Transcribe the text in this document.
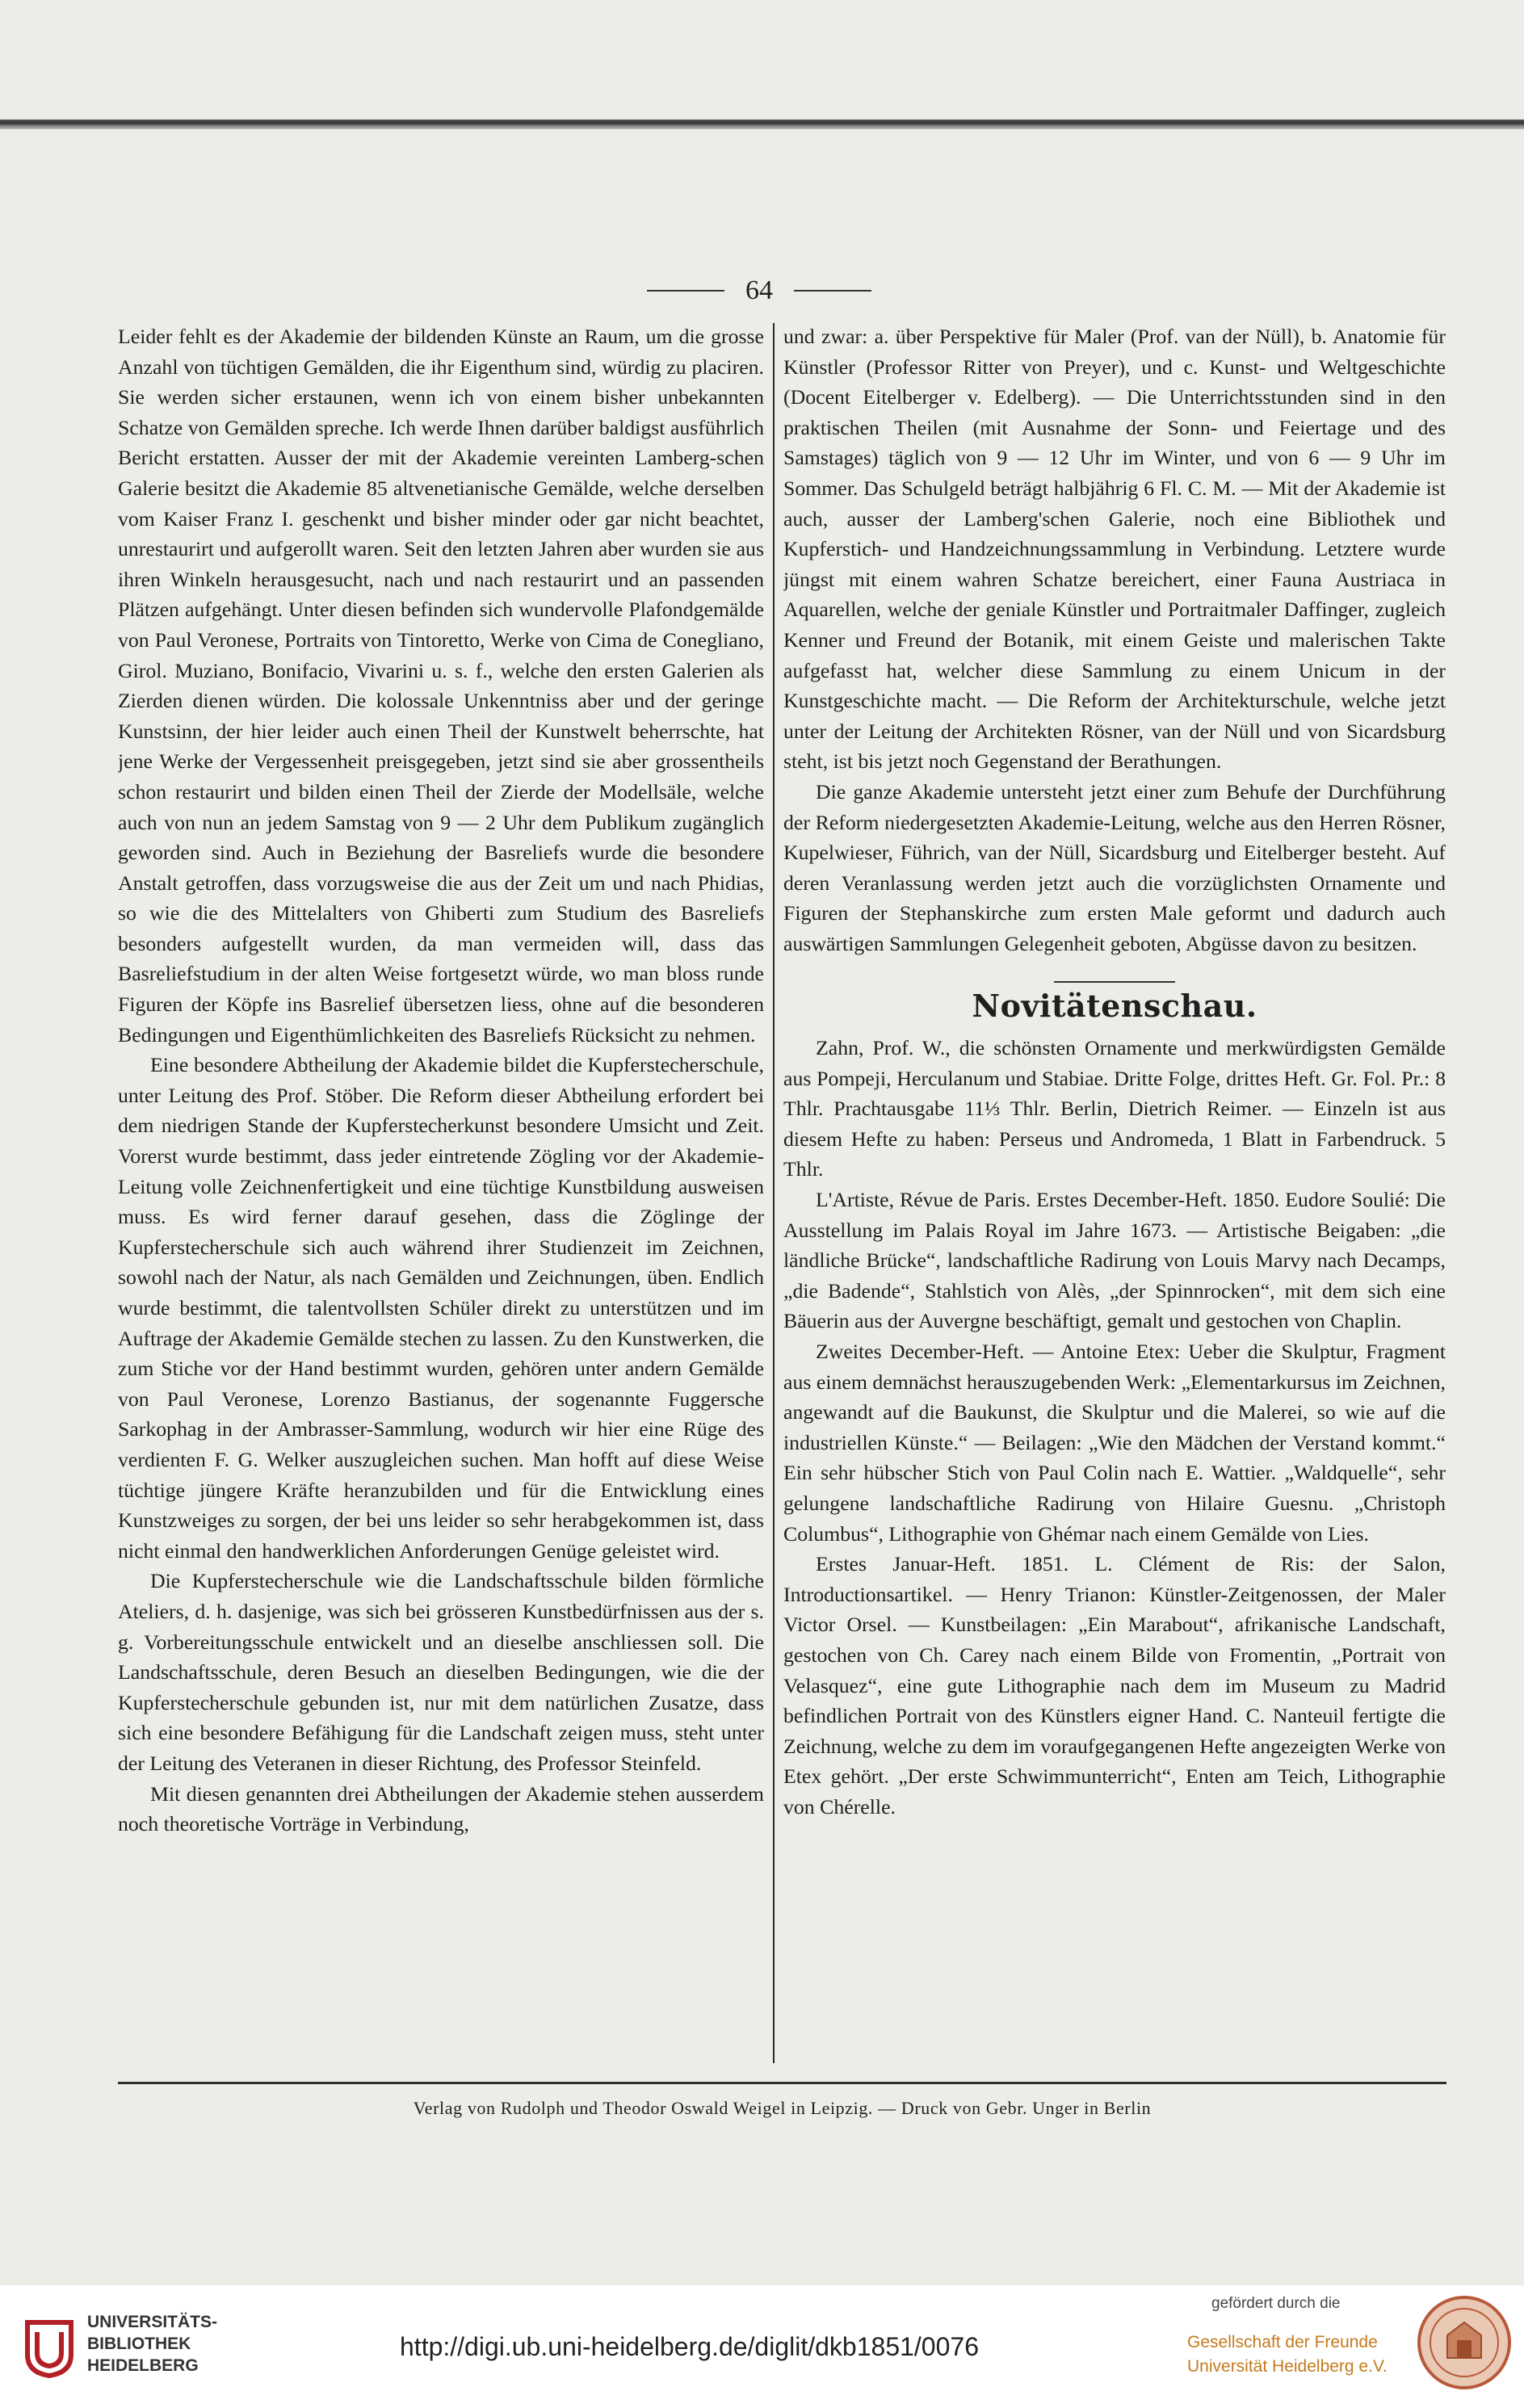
64

Leider fehlt es der Akademie der bildenden Künste an Raum, um die grosse Anzahl von tüchtigen Gemälden, die ihr Eigenthum sind, würdig zu placiren. Sie werden sicher erstaunen, wenn ich von einem bisher unbekannten Schatze von Gemälden spreche. Ich werde Ihnen darüber baldigst ausführlich Bericht erstatten. Ausser der mit der Akademie vereinten Lamberg-schen Galerie besitzt die Akademie 85 altvenetianische Gemälde, welche derselben vom Kaiser Franz I. geschenkt und bisher minder oder gar nicht beachtet, unrestaurirt und aufgerollt waren. Seit den letzten Jahren aber wurden sie aus ihren Winkeln herausgesucht, nach und nach restaurirt und an passenden Plätzen aufgehängt. Unter diesen befinden sich wundervolle Plafondgemälde von Paul Veronese, Portraits von Tintoretto, Werke von Cima de Conegliano, Girol. Muziano, Bonifacio, Vivarini u. s. f., welche den ersten Galerien als Zierden dienen würden. Die kolossale Unkenntniss aber und der geringe Kunstsinn, der hier leider auch einen Theil der Kunstwelt beherrschte, hat jene Werke der Vergessenheit preisgegeben, jetzt sind sie aber grossentheils schon restaurirt und bilden einen Theil der Zierde der Modellsäle, welche auch von nun an jedem Samstag von 9 — 2 Uhr dem Publikum zugänglich geworden sind. Auch in Beziehung der Basreliefs wurde die besondere Anstalt getroffen, dass vorzugsweise die aus der Zeit um und nach Phidias, so wie die des Mittelalters von Ghiberti zum Studium des Basreliefs besonders aufgestellt wurden, da man vermeiden will, dass das Basreliefstudium in der alten Weise fortgesetzt würde, wo man bloss runde Figuren der Köpfe ins Basrelief übersetzen liess, ohne auf die besonderen Bedingungen und Eigenthümlichkeiten des Basreliefs Rücksicht zu nehmen.

Eine besondere Abtheilung der Akademie bildet die Kupferstecherschule, unter Leitung des Prof. Stöber. Die Reform dieser Abtheilung erfordert bei dem niedrigen Stande der Kupferstecherkunst besondere Umsicht und Zeit. Vorerst wurde bestimmt, dass jeder eintretende Zögling vor der Akademie-Leitung volle Zeichnenfertigkeit und eine tüchtige Kunstbildung ausweisen muss. Es wird ferner darauf gesehen, dass die Zöglinge der Kupferstecherschule sich auch während ihrer Studienzeit im Zeichnen, sowohl nach der Natur, als nach Gemälden und Zeichnungen, üben. Endlich wurde bestimmt, die talentvollsten Schüler direkt zu unterstützen und im Auftrage der Akademie Gemälde stechen zu lassen. Zu den Kunstwerken, die zum Stiche vor der Hand bestimmt wurden, gehören unter andern Gemälde von Paul Veronese, Lorenzo Bastianus, der sogenannte Fuggersche Sarkophag in der Ambrasser-Sammlung, wodurch wir hier eine Rüge des verdienten F. G. Welker auszugleichen suchen. Man hofft auf diese Weise tüchtige jüngere Kräfte heranzubilden und für die Entwicklung eines Kunstzweiges zu sorgen, der bei uns leider so sehr herabgekommen ist, dass nicht einmal den handwerklichen Anforderungen Genüge geleistet wird.

Die Kupferstecherschule wie die Landschaftsschule bilden förmliche Ateliers, d. h. dasjenige, was sich bei grösseren Kunstbedürfnissen aus der s. g. Vorbereitungsschule entwickelt und an dieselbe anschliessen soll. Die Landschaftsschule, deren Besuch an dieselben Bedingungen, wie die der Kupferstecherschule gebunden ist, nur mit dem natürlichen Zusatze, dass sich eine besondere Befähigung für die Landschaft zeigen muss, steht unter der Leitung des Veteranen in dieser Richtung, des Professor Steinfeld.

Mit diesen genannten drei Abtheilungen der Akademie stehen ausserdem noch theoretische Vorträge in Verbindung,

und zwar: a. über Perspektive für Maler (Prof. van der Nüll), b. Anatomie für Künstler (Professor Ritter von Preyer), und c. Kunst- und Weltgeschichte (Docent Eitelberger v. Edelberg). — Die Unterrichtsstunden sind in den praktischen Theilen (mit Ausnahme der Sonn- und Feiertage und des Samstages) täglich von 9 — 12 Uhr im Winter, und von 6 — 9 Uhr im Sommer. Das Schulgeld beträgt halbjährig 6 Fl. C. M. — Mit der Akademie ist auch, ausser der Lamberg'schen Galerie, noch eine Bibliothek und Kupferstich- und Handzeichnungssammlung in Verbindung. Letztere wurde jüngst mit einem wahren Schatze bereichert, einer Fauna Austriaca in Aquarellen, welche der geniale Künstler und Portraitmaler Daffinger, zugleich Kenner und Freund der Botanik, mit einem Geiste und malerischen Takte aufgefasst hat, welcher diese Sammlung zu einem Unicum in der Kunstgeschichte macht. — Die Reform der Architekturschule, welche jetzt unter der Leitung der Architekten Rösner, van der Nüll und von Sicardsburg steht, ist bis jetzt noch Gegenstand der Berathungen.

Die ganze Akademie untersteht jetzt einer zum Behufe der Durchführung der Reform niedergesetzten Akademie-Leitung, welche aus den Herren Rösner, Kupelwieser, Führich, van der Nüll, Sicardsburg und Eitelberger besteht. Auf deren Veranlassung werden jetzt auch die vorzüglichsten Ornamente und Figuren der Stephanskirche zum ersten Male geformt und dadurch auch auswärtigen Sammlungen Gelegenheit geboten, Abgüsse davon zu besitzen.

Novitätenschau.

Zahn, Prof. W., die schönsten Ornamente und merkwürdigsten Gemälde aus Pompeji, Herculanum und Stabiae. Dritte Folge, drittes Heft. Gr. Fol. Pr.: 8 Thlr. Prachtausgabe 11⅓ Thlr. Berlin, Dietrich Reimer. — Einzeln ist aus diesem Hefte zu haben: Perseus und Andromeda, 1 Blatt in Farbendruck. 5 Thlr.

L'Artiste, Révue de Paris. Erstes December-Heft. 1850. Eudore Soulié: Die Ausstellung im Palais Royal im Jahre 1673. — Artistische Beigaben: „die ländliche Brücke“, landschaftliche Radirung von Louis Marvy nach Decamps, „die Badende“, Stahlstich von Alès, „der Spinnrocken“, mit dem sich eine Bäuerin aus der Auvergne beschäftigt, gemalt und gestochen von Chaplin.

Zweites December-Heft. — Antoine Etex: Ueber die Skulptur, Fragment aus einem demnächst herauszugebenden Werk: „Elementarkursus im Zeichnen, angewandt auf die Baukunst, die Skulptur und die Malerei, so wie auf die industriellen Künste.“ — Beilagen: „Wie den Mädchen der Verstand kommt.“ Ein sehr hübscher Stich von Paul Colin nach E. Wattier. „Waldquelle“, sehr gelungene landschaftliche Radirung von Hilaire Guesnu. „Christoph Columbus“, Lithographie von Ghémar nach einem Gemälde von Lies.

Erstes Januar-Heft. 1851. L. Clément de Ris: der Salon, Introductionsartikel. — Henry Trianon: Künstler-Zeitgenossen, der Maler Victor Orsel. — Kunstbeilagen: „Ein Marabout“, afrikanische Landschaft, gestochen von Ch. Carey nach einem Bilde von Fromentin, „Portrait von Velasquez“, eine gute Lithographie nach dem im Museum zu Madrid befindlichen Portrait von des Künstlers eigner Hand. C. Nanteuil fertigte die Zeichnung, welche zu dem im voraufgegangenen Hefte angezeigten Werke von Etex gehört. „Der erste Schwimmunterricht“, Enten am Teich, Lithographie von Chérelle.

Verlag von Rudolph und Theodor Oswald Weigel in Leipzig. — Druck von Gebr. Unger in Berlin
UNIVERSITÄTS-
BIBLIOTHEK
HEIDELBERG
http://digi.ub.uni-heidelberg.de/diglit/dkb1851/0076
gefördert durch die
Gesellschaft der Freunde
Universität Heidelberg e.V.
